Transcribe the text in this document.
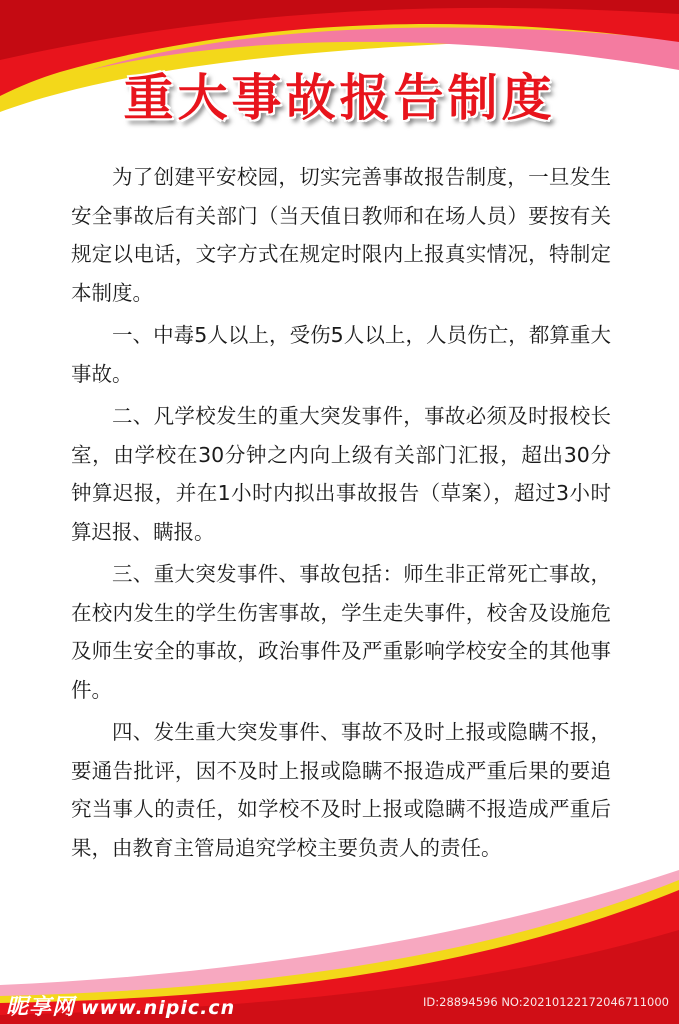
重大事故报告制度

为了创建平安校园，切实完善事故报告制度，一旦发生安全事故后有关部门（当天值日教师和在场人员）要按有关规定以电话，文字方式在规定时限内上报真实情况，特制定本制度。

一、中毒5人以上，受伤5人以上，人员伤亡，都算重大事故。

二、凡学校发生的重大突发事件，事故必须及时报校长室，由学校在30分钟之内向上级有关部门汇报，超出30分钟算迟报，并在1小时内拟出事故报告（草案），超过3小时算迟报、瞒报。

三、重大突发事件、事故包括：师生非正常死亡事故，在校内发生的学生伤害事故，学生走失事件，校舍及设施危及师生安全的事故，政治事件及严重影响学校安全的其他事件。

四、发生重大突发事件、事故不及时上报或隐瞒不报，要通告批评，因不及时上报或隐瞒不报造成严重后果的要追究当事人的责任，如学校不及时上报或隐瞒不报造成严重后果，由教育主管局追究学校主要负责人的责任。

昵享网 www.nipic.cn	ID:28894596 NO:20210122172046711000
